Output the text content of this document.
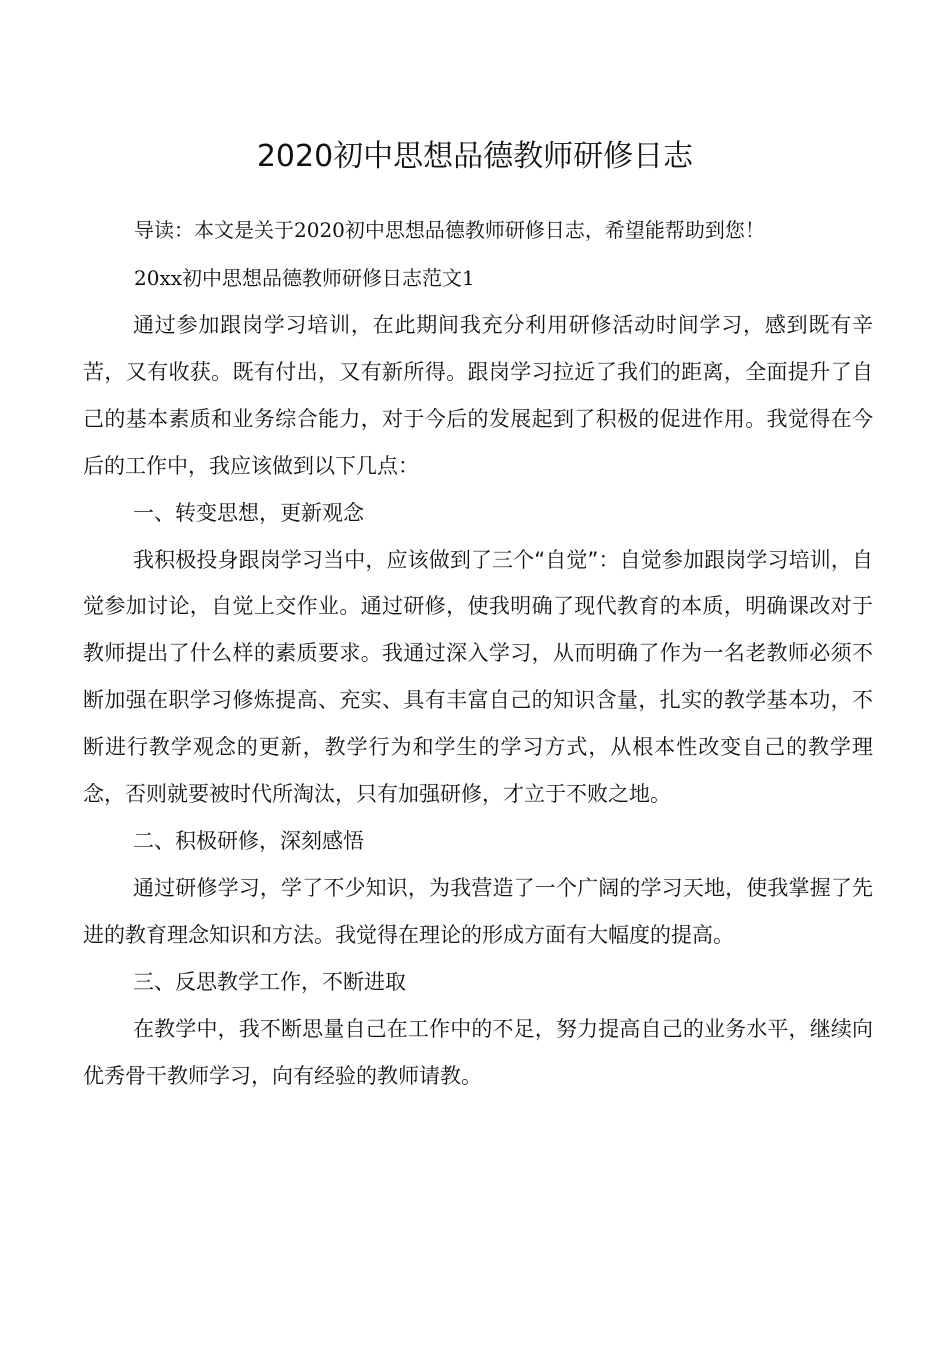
2020初中思想品德教师研修日志

导读：本文是关于2020初中思想品德教师研修日志，希望能帮助到您！

20xx初中思想品德教师研修日志范文1

通过参加跟岗学习培训，在此期间我充分利用研修活动时间学习，感到既有辛苦，又有收获。既有付出，又有新所得。跟岗学习拉近了我们的距离，全面提升了自己的基本素质和业务综合能力，对于今后的发展起到了积极的促进作用。我觉得在今后的工作中，我应该做到以下几点：

一、转变思想，更新观念

我积极投身跟岗学习当中，应该做到了三个“自觉”：自觉参加跟岗学习培训，自觉参加讨论，自觉上交作业。通过研修，使我明确了现代教育的本质，明确课改对于教师提出了什么样的素质要求。我通过深入学习，从而明确了作为一名老教师必须不断加强在职学习修炼提高、充实、具有丰富自己的知识含量，扎实的教学基本功，不断进行教学观念的更新，教学行为和学生的学习方式，从根本性改变自己的教学理念，否则就要被时代所淘汰，只有加强研修，才立于不败之地。

二、积极研修，深刻感悟

通过研修学习，学了不少知识，为我营造了一个广阔的学习天地，使我掌握了先进的教育理念知识和方法。我觉得在理论的形成方面有大幅度的提高。

三、反思教学工作，不断进取

在教学中，我不断思量自己在工作中的不足，努力提高自己的业务水平，继续向优秀骨干教师学习，向有经验的教师请教。
